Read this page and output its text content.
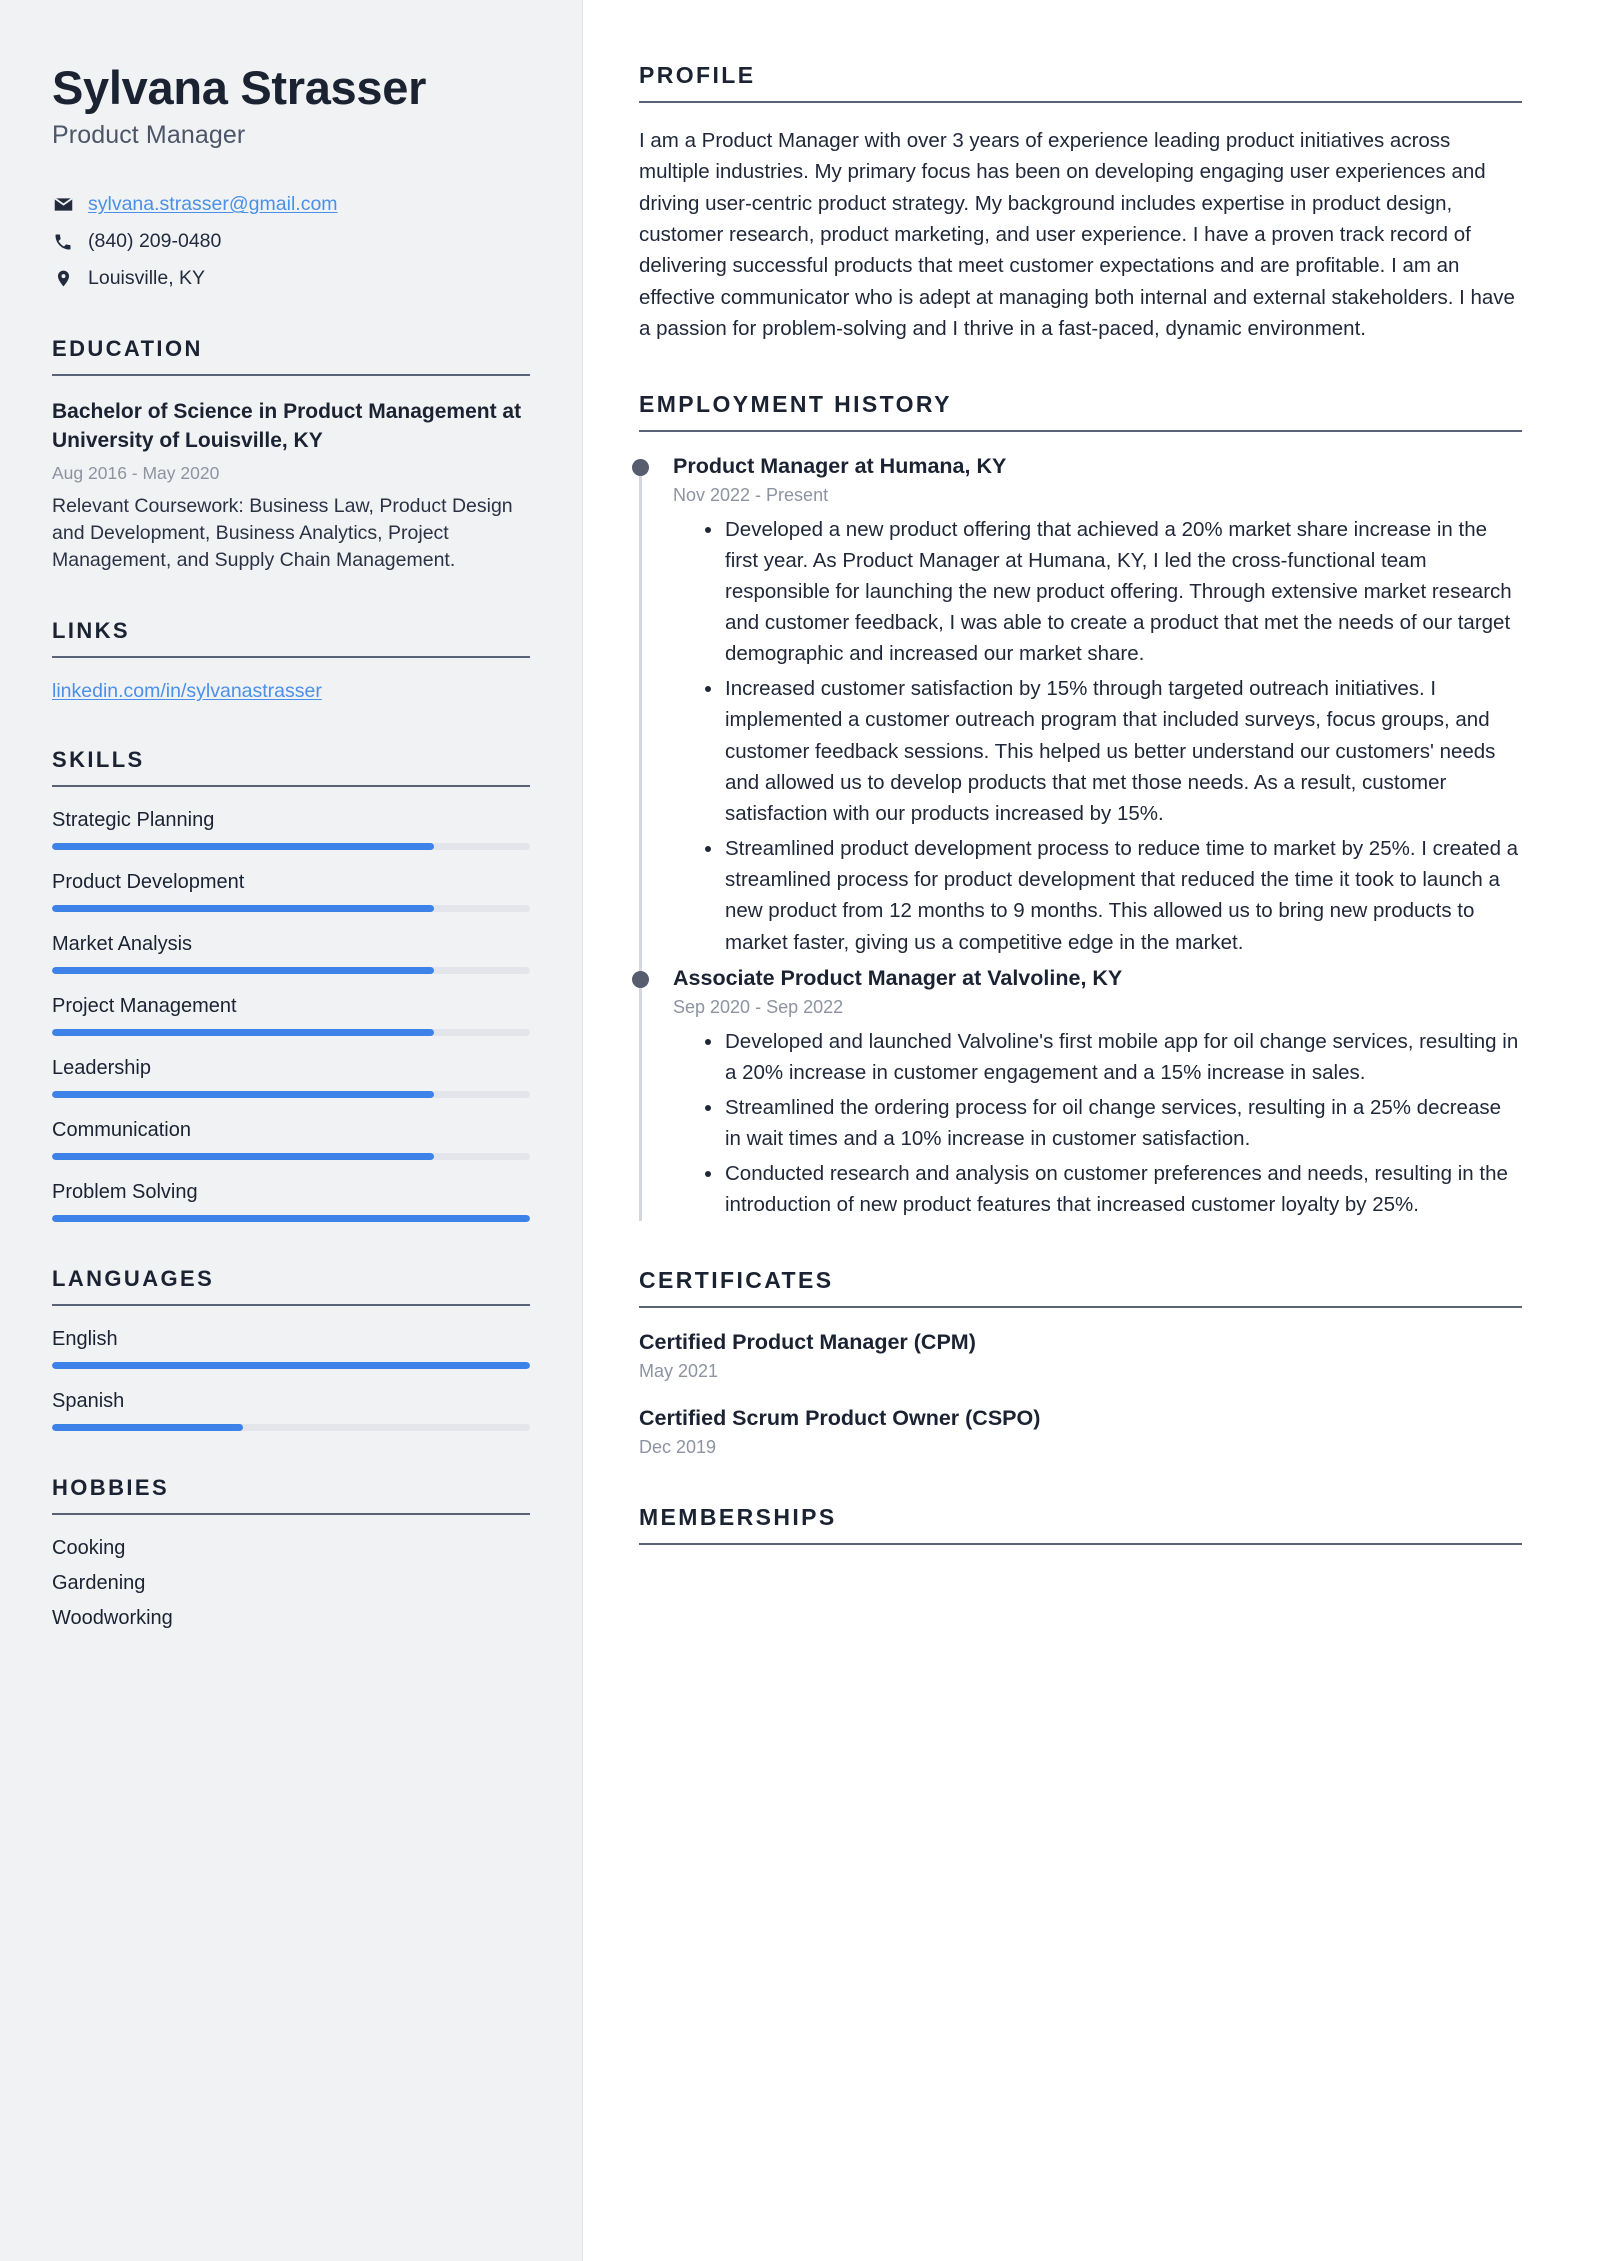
Sylvana Strasser
Product Manager
sylvana.strasser@gmail.com
(840) 209-0480
Louisville, KY
EDUCATION
Bachelor of Science in Product Management at University of Louisville, KY
Aug 2016 - May 2020
Relevant Coursework: Business Law, Product Design and Development, Business Analytics, Project Management, and Supply Chain Management.
LINKS
linkedin.com/in/sylvanastrasser
SKILLS
Strategic Planning
Product Development
Market Analysis
Project Management
Leadership
Communication
Problem Solving
LANGUAGES
English
Spanish
HOBBIES
Cooking
Gardening
Woodworking
PROFILE

I am a Product Manager with over 3 years of experience leading product initiatives across multiple industries. My primary focus has been on developing engaging user experiences and driving user-centric product strategy. My background includes expertise in product design, customer research, product marketing, and user experience. I have a proven track record of delivering successful products that meet customer expectations and are profitable. I am an effective communicator who is adept at managing both internal and external stakeholders. I have a passion for problem-solving and I thrive in a fast-paced, dynamic environment.

EMPLOYMENT HISTORY
Product Manager at Humana, KY
Nov 2022 - Present
Developed a new product offering that achieved a 20% market share increase in the first year. As Product Manager at Humana, KY, I led the cross-functional team responsible for launching the new product offering. Through extensive market research and customer feedback, I was able to create a product that met the needs of our target demographic and increased our market share.
Increased customer satisfaction by 15% through targeted outreach initiatives. I implemented a customer outreach program that included surveys, focus groups, and customer feedback sessions. This helped us better understand our customers' needs and allowed us to develop products that met those needs. As a result, customer satisfaction with our products increased by 15%.
Streamlined product development process to reduce time to market by 25%. I created a streamlined process for product development that reduced the time it took to launch a new product from 12 months to 9 months. This allowed us to bring new products to market faster, giving us a competitive edge in the market.
Associate Product Manager at Valvoline, KY
Sep 2020 - Sep 2022
Developed and launched Valvoline's first mobile app for oil change services, resulting in a 20% increase in customer engagement and a 15% increase in sales.
Streamlined the ordering process for oil change services, resulting in a 25% decrease in wait times and a 10% increase in customer satisfaction.
Conducted research and analysis on customer preferences and needs, resulting in the introduction of new product features that increased customer loyalty by 25%.
CERTIFICATES
Certified Product Manager (CPM)
May 2021
Certified Scrum Product Owner (CSPO)
Dec 2019
MEMBERSHIPS
